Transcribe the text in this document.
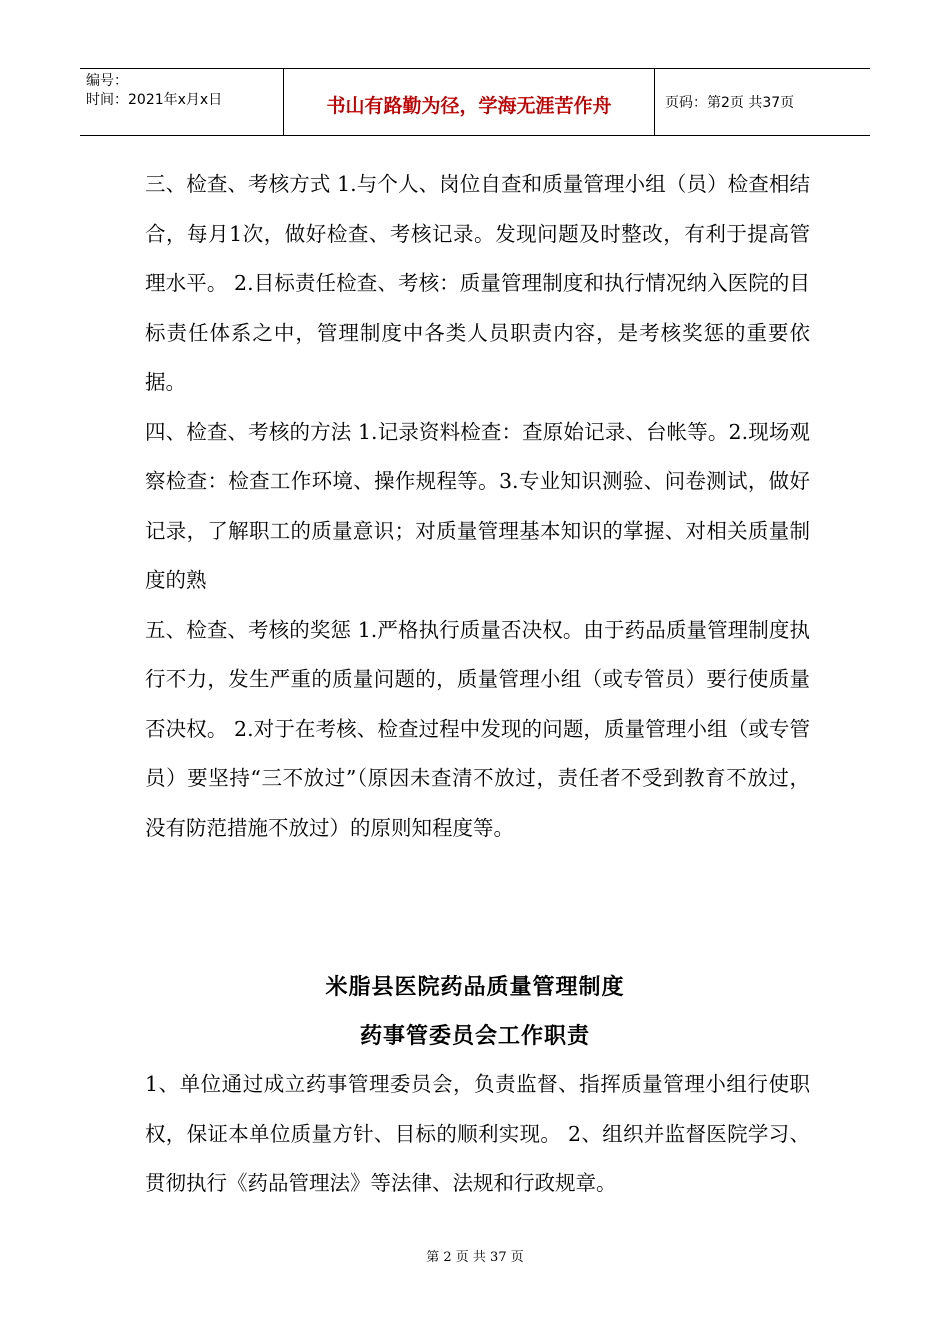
编号：
时间：2021年x月x日	书山有路勤为径，学海无涯苦作舟	页码：第2页 共37页

三、检查、考核方式 1.与个人、岗位自查和质量管理小组（员）检查相结合，每月1次，做好检查、考核记录。发现问题及时整改，有利于提高管理水平。 2.目标责任检查、考核：质量管理制度和执行情况纳入医院的目标责任体系之中，管理制度中各类人员职责内容，是考核奖惩的重要依据。

四、检查、考核的方法 1.记录资料检查：查原始记录、台帐等。2.现场观察检查：检查工作环境、操作规程等。3.专业知识测验、问卷测试，做好记录，了解职工的质量意识；对质量管理基本知识的掌握、对相关质量制度的熟

五、检查、考核的奖惩 1.严格执行质量否决权。由于药品质量管理制度执行不力，发生严重的质量问题的，质量管理小组（或专管员）要行使质量否决权。 2.对于在考核、检查过程中发现的问题，质量管理小组（或专管员）要坚持“三不放过”（原因未查清不放过，责任者不受到教育不放过，没有防范措施不放过）的原则知程度等。

米脂县医院药品质量管理制度
药事管委员会工作职责

1、单位通过成立药事管理委员会，负责监督、指挥质量管理小组行使职权，保证本单位质量方针、目标的顺利实现。 2、组织并监督医院学习、贯彻执行《药品管理法》等法律、法规和行政规章。

第 2 页 共 37 页
